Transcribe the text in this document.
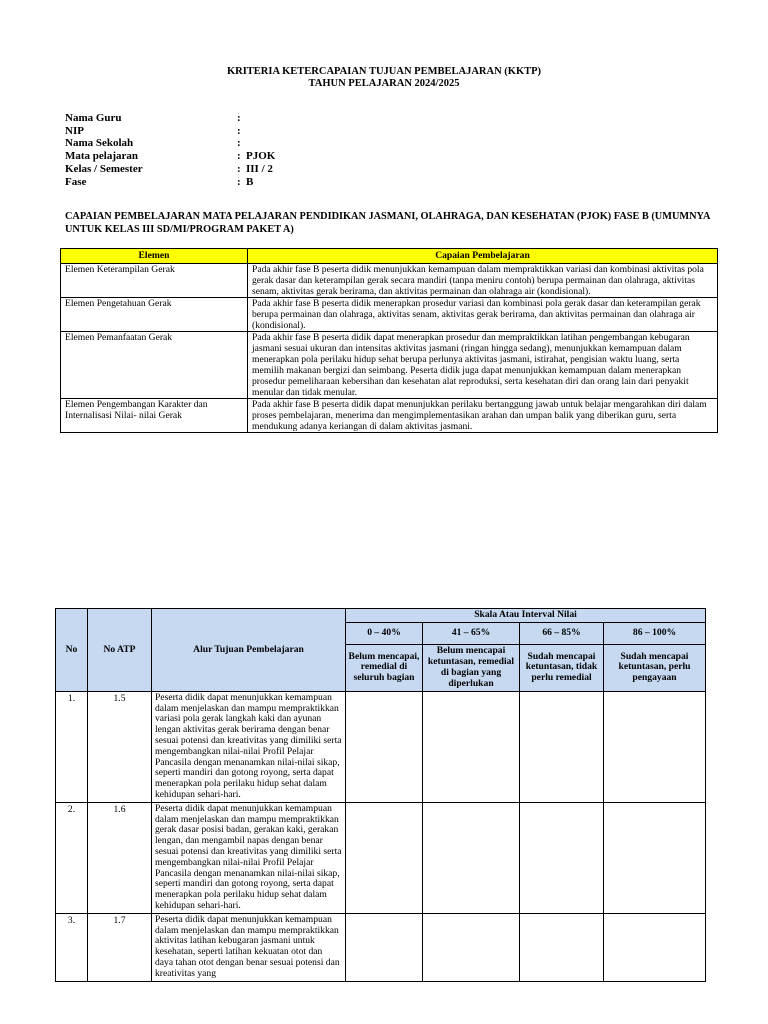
KRITERIA KETERCAPAIAN TUJUAN PEMBELAJARAN (KKTP)
TAHUN PELAJARAN 2024/2025
Nama Guru	:	
NIP	:	
Nama Sekolah	:	
Mata pelajaran	:	PJOK
Kelas / Semester	:	III / 2
Fase	:	B
CAPAIAN PEMBELAJARAN MATA PELAJARAN PENDIDIKAN JASMANI, OLAHRAGA, DAN KESEHATAN (PJOK) FASE B (UMUMNYA UNTUK KELAS III SD/MI/PROGRAM PAKET A)
Elemen	Capaian Pembelajaran
Elemen Keterampilan Gerak	Pada akhir fase B peserta didik menunjukkan kemampuan dalam mempraktikkan variasi dan kombinasi aktivitas pola gerak dasar dan keterampilan gerak secara mandiri (tanpa meniru contoh) berupa permainan dan olahraga, aktivitas senam, aktivitas gerak berirama, dan aktivitas permainan dan olahraga air (kondisional).
Elemen Pengetahuan Gerak	Pada akhir fase B peserta didik menerapkan prosedur variasi dan kombinasi pola gerak dasar dan keterampilan gerak berupa permainan dan olahraga, aktivitas senam, aktivitas gerak berirama, dan aktivitas permainan dan olahraga air (kondisional).
Elemen Pemanfaatan Gerak	Pada akhir fase B peserta didik dapat menerapkan prosedur dan mempraktikkan latihan pengembangan kebugaran jasmani sesuai ukuran dan intensitas aktivitas jasmani (ringan hingga sedang), menunjukkan kemampuan dalam menerapkan pola perilaku hidup sehat berupa perlunya aktivitas jasmani, istirahat, pengisian waktu luang, serta memilih makanan bergizi dan seimbang. Peserta didik juga dapat menunjukkan kemampuan dalam menerapkan prosedur pemeliharaan kebersihan dan kesehatan alat reproduksi, serta kesehatan diri dan orang lain dari penyakit menular dan tidak menular.
Elemen Pengembangan Karakter dan Internalisasi Nilai- nilai Gerak	Pada akhir fase B peserta didik dapat menunjukkan perilaku bertanggung jawab untuk belajar mengarahkan diri dalam proses pembelajaran, menerima dan mengimplementasikan arahan dan umpan balik yang diberikan guru, serta mendukung adanya keriangan di dalam aktivitas jasmani.
No	No ATP	Alur Tujuan Pembelajaran	Skala Atau Interval Nilai			
			0 – 40%	41 – 65%	66 – 85%	86 – 100%
			Belum mencapai, remedial di seluruh bagian	Belum mencapai ketuntasan, remedial di bagian yang diperlukan	Sudah mencapai ketuntasan, tidak perlu remedial	Sudah mencapai ketuntasan, perlu pengayaan
1.	1.5	Peserta didik dapat menunjukkan kemampuan dalam menjelaskan dan mampu mempraktikkan variasi pola gerak langkah kaki dan ayunan lengan aktivitas gerak berirama dengan benar sesuai potensi dan kreativitas yang dimiliki serta mengembangkan nilai-nilai Profil Pelajar Pancasila dengan menanamkan nilai-nilai sikap, seperti mandiri dan gotong royong, serta dapat menerapkan pola perilaku hidup sehat dalam kehidupan sehari-hari.				
2.	1.6	Peserta didik dapat menunjukkan kemampuan dalam menjelaskan dan mampu mempraktikkan gerak dasar posisi badan, gerakan kaki, gerakan lengan, dan mengambil napas dengan benar sesuai potensi dan kreativitas yang dimiliki serta mengembangkan nilai-nilai Profil Pelajar Pancasila dengan menanamkan nilai-nilai sikap, seperti mandiri dan gotong royong, serta dapat menerapkan pola perilaku hidup sehat dalam kehidupan sehari-hari.				
3.	1.7	Peserta didik dapat menunjukkan kemampuan dalam menjelaskan dan mampu mempraktikkan aktivitas latihan kebugaran jasmani untuk kesehatan, seperti latihan kekuatan otot dan daya tahan otot dengan benar sesuai potensi dan kreativitas yang				
